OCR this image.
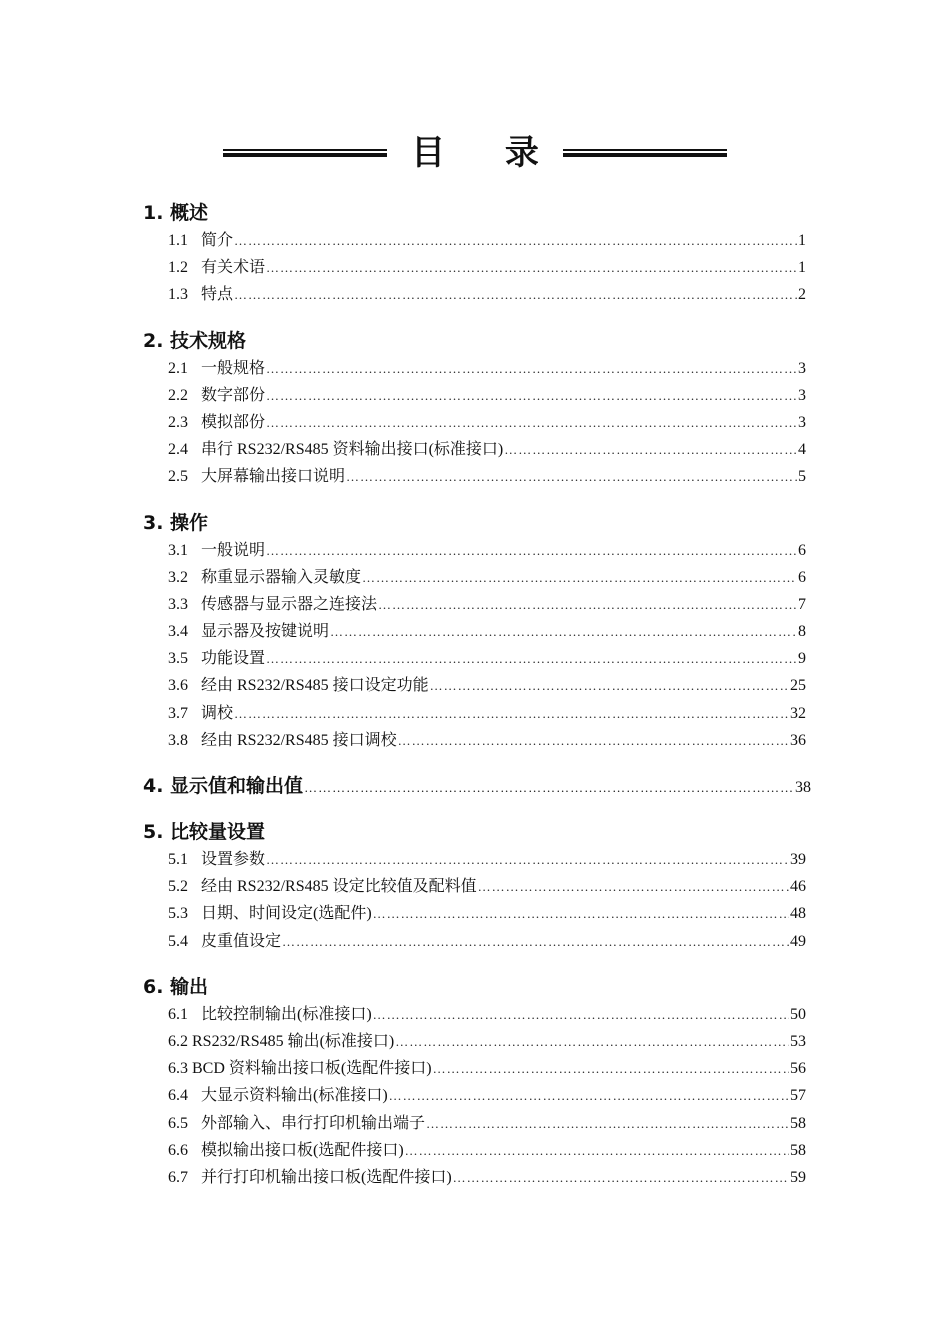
目 录
1. 概述
1.1 简介 …………………………………………………………………………………………………………………………………	1
1.2 有关术语 …………………………………………………………………………………………………………………………………	1
1.3 特点 …………………………………………………………………………………………………………………………………	2
2. 技术规格
2.1 一般规格 …………………………………………………………………………………………………………………………………	3
2.2 数字部份 …………………………………………………………………………………………………………………………………	3
2.3 模拟部份 …………………………………………………………………………………………………………………………………	3
2.4 串行 RS232/RS485 资料输出接口(标准接口) …………………………………………………………………………………………………………………………………	4
2.5 大屏幕输出接口说明 …………………………………………………………………………………………………………………………………	5
3. 操作
3.1 一般说明 …………………………………………………………………………………………………………………………………	6
3.2 称重显示器输入灵敏度 …………………………………………………………………………………………………………………………………	6
3.3 传感器与显示器之连接法 …………………………………………………………………………………………………………………………………	7
3.4 显示器及按键说明 …………………………………………………………………………………………………………………………………	8
3.5 功能设置 …………………………………………………………………………………………………………………………………	9
3.6 经由 RS232/RS485 接口设定功能 …………………………………………………………………………………………………………………………………	25
3.7 调校 …………………………………………………………………………………………………………………………………	32
3.8 经由 RS232/RS485 接口调校 …………………………………………………………………………………………………………………………………	36
4. 显示值和输出值 …………………………………………………………………………………………………………………………………	38
5. 比较量设置
5.1 设置参数 …………………………………………………………………………………………………………………………………	39
5.2 经由 RS232/RS485 设定比较值及配料值 …………………………………………………………………………………………………………………………………	46
5.3 日期、时间设定(选配件) …………………………………………………………………………………………………………………………………	48
5.4 皮重值设定 …………………………………………………………………………………………………………………………………	49
6. 输出
6.1 比较控制输出(标准接口) …………………………………………………………………………………………………………………………………	50
6.2 RS232/RS485 输出(标准接口) …………………………………………………………………………………………………………………………………	53
6.3 BCD 资料输出接口板(选配件接口) …………………………………………………………………………………………………………………………………	56
6.4 大显示资料输出(标准接口) …………………………………………………………………………………………………………………………………	57
6.5 外部输入、串行打印机输出端子 …………………………………………………………………………………………………………………………………	58
6.6 模拟输出接口板(选配件接口) …………………………………………………………………………………………………………………………………	58
6.7 并行打印机输出接口板(选配件接口) …………………………………………………………………………………………………………………………………	59
